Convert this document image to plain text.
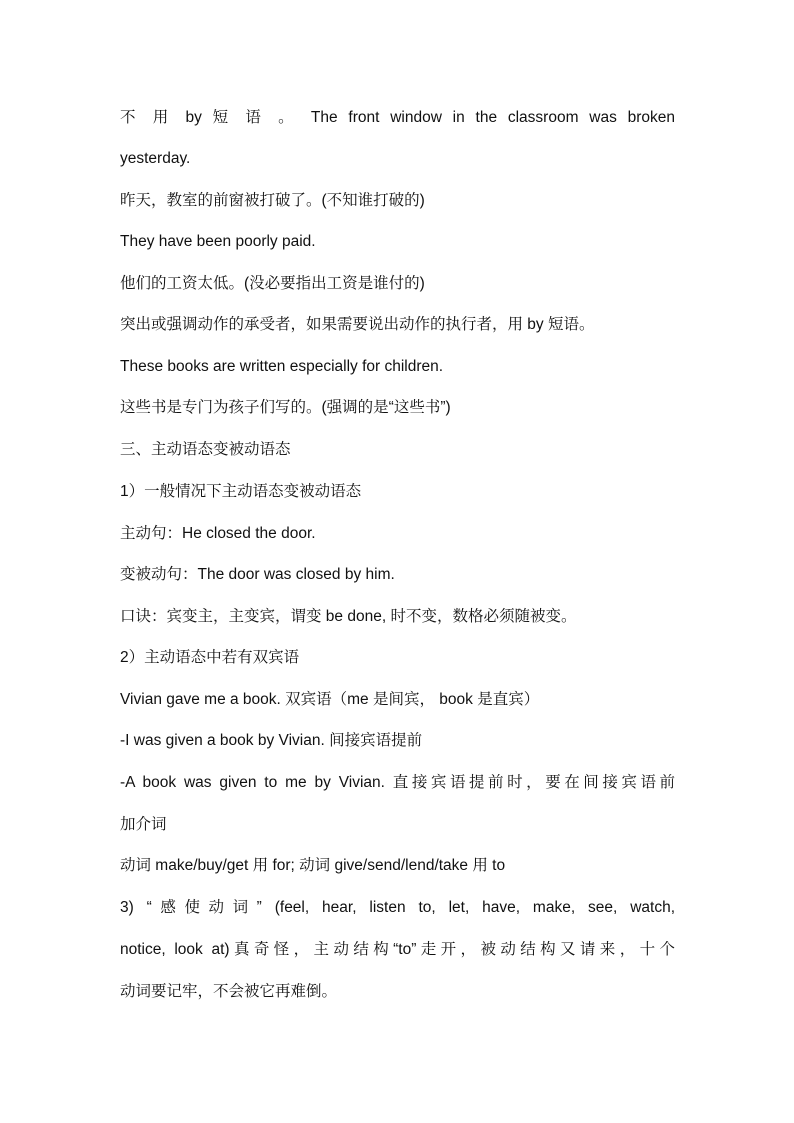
不 用 by 短 语 。 The front window in the classroom was broken
yesterday.
昨天，教室的前窗被打破了。(不知谁打破的)
They have been poorly paid.
他们的工资太低。(没必要指出工资是谁付的)
突出或强调动作的承受者，如果需要说出动作的执行者，用 by 短语。
These books are written especially for children.
这些书是专门为孩子们写的。(强调的是“这些书”)
三、主动语态变被动语态
1）一般情况下主动语态变被动语态
主动句：He closed the door.
变被动句：The door was closed by him.
口诀：宾变主，主变宾，谓变 be done, 时不变，数格必须随被变。
2）主动语态中若有双宾语
Vivian gave me a book. 双宾语（me 是间宾， book 是直宾）
-I was given a book by Vivian. 间接宾语提前
-A book was given to me by Vivian. 直接宾语提前时，要在间接宾语前
加介词
动词 make/buy/get 用 for; 动词 give/send/lend/take 用 to
3) “感使动词” (feel, hear, listen to, let, have, make, see, watch,
notice, look at)真奇怪，主动结构“to”走开，被动结构又请来，十个
动词要记牢，不会被它再难倒。
